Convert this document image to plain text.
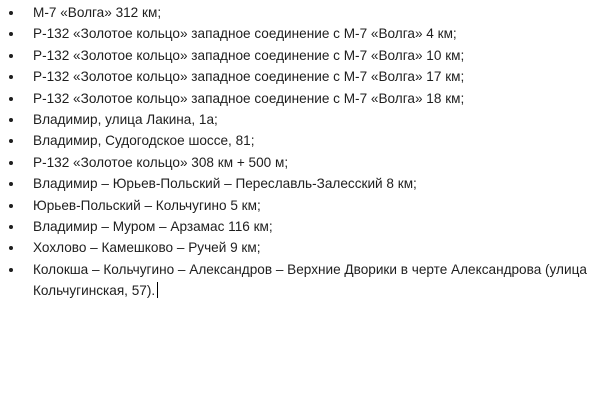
М-7 «Волга» 312 км;
Р-132 «Золотое кольцо» западное соединение с М-7 «Волга» 4 км;
Р-132 «Золотое кольцо» западное соединение с М-7 «Волга» 10 км;
Р-132 «Золотое кольцо» западное соединение с М-7 «Волга» 17 км;
Р-132 «Золотое кольцо» западное соединение с М-7 «Волга» 18 км;
Владимир, улица Лакина, 1а;
Владимир, Судогодское шоссе, 81;
Р-132 «Золотое кольцо» 308 км + 500 м;
Владимир – Юрьев-Польский – Переславль-Залесский 8 км;
Юрьев-Польский – Кольчугино 5 км;
Владимир – Муром – Арзамас 116 км;
Хохлово – Камешково – Ручей 9 км;
Колокша – Кольчугино – Александров – Верхние Дворики в черте Александрова (улица Кольчугинская, 57).
